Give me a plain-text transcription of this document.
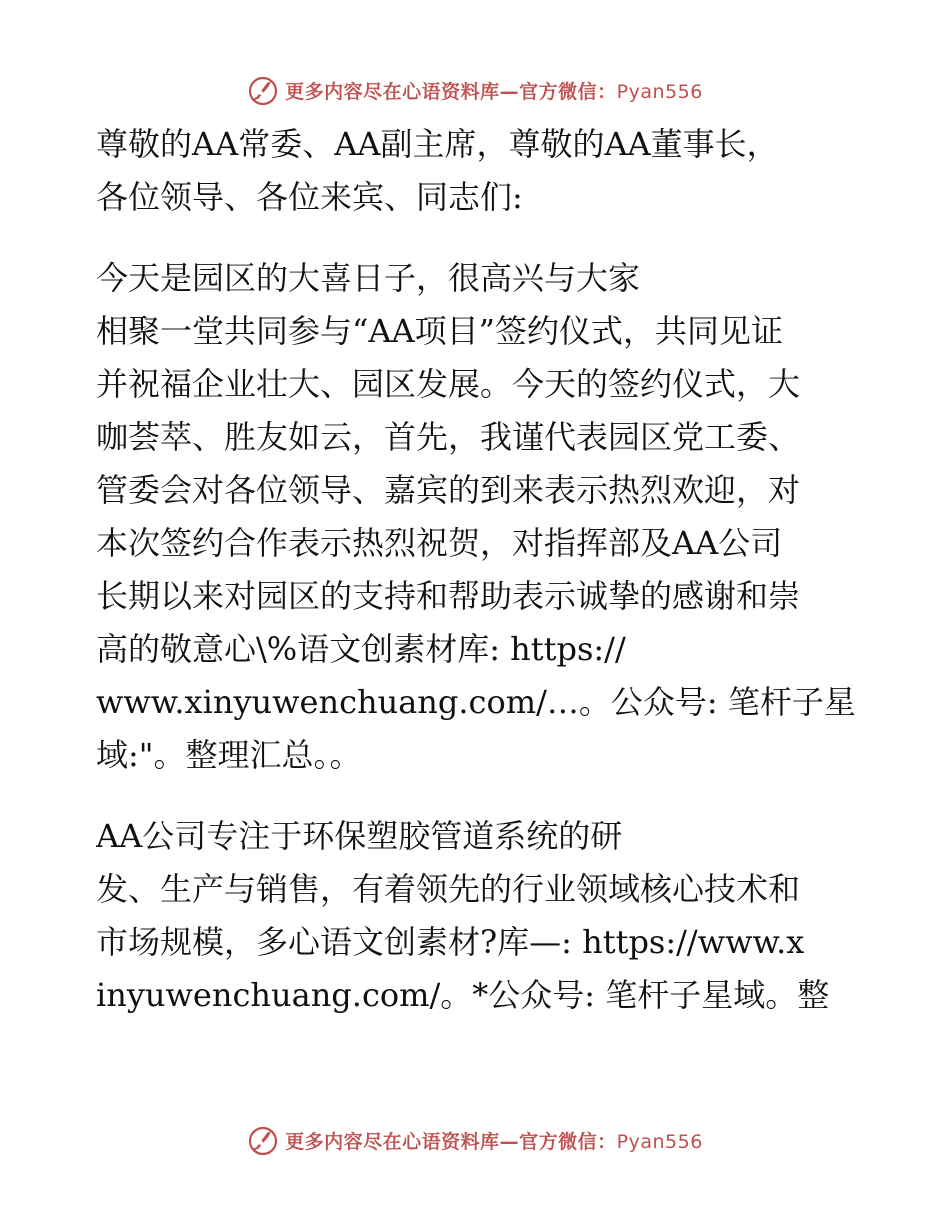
更多内容尽在心语资料库—官方微信：Pyan556
尊敬的AA常委、AA副主席，尊敬的AA董事长，
各位领导、各位来宾、同志们:
今天是园区的大喜日子，很高兴与大家
相聚一堂共同参与“AA项目”签约仪式，共同见证
并祝福企业壮大、园区发展。今天的签约仪式，大
咖荟萃、胜友如云，首先，我谨代表园区党工委、
管委会对各位领导、嘉宾的到来表示热烈欢迎，对
本次签约合作表示热烈祝贺，对指挥部及AA公司
长期以来对园区的支持和帮助表示诚挚的感谢和崇
高的敬意心\%语文创素材库: https://
www.xinyuwenchuang.com/…。公众号: 笔杆子星
域:"。整理汇总。。
AA公司专注于环保塑胶管道系统的研
发、生产与销售，有着领先的行业领域核心技术和
市场规模，多心语文创素材?库—: https://www.x
inyuwenchuang.com/。*公众号: 笔杆子星域。整
更多内容尽在心语资料库—官方微信：Pyan556
